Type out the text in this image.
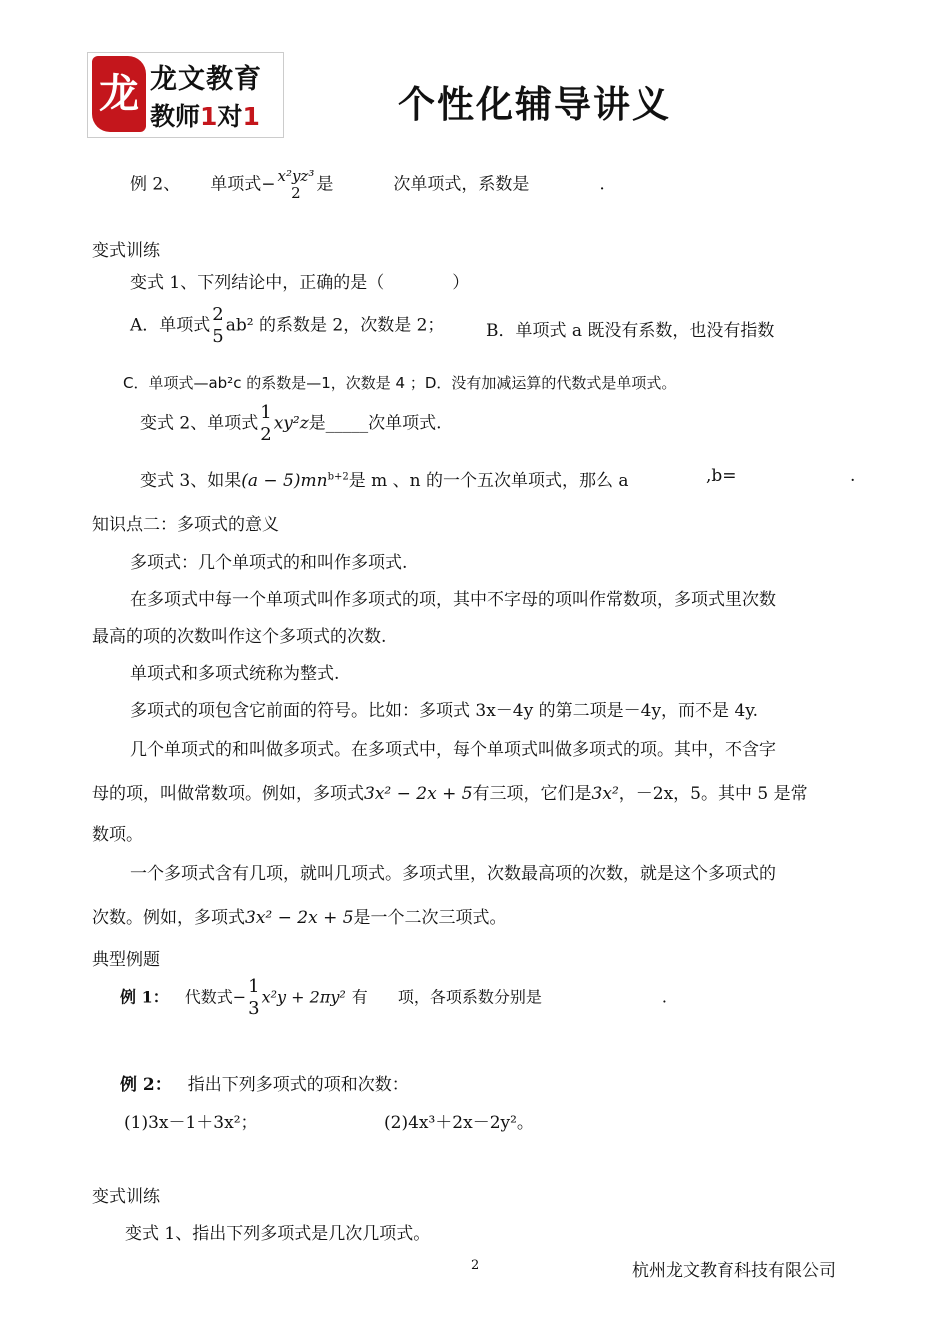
龙 龙文教育
教师1对1	个性化辅导讲义
例 2、 单项式− x²yz³
2 是	次单项式，系数是	.
变式训练
变式 1、下列结论中，正确的是（　　　　）
A．单项式
2
5
ab² 的系数是 2，次数是 2； B．单项式 a 既没有系数，也没有指数
C．单项式—ab²c 的系数是—1，次数是 4 ；D．没有加减运算的代数式是单项式。
变式 2、单项式
1
2
xy²z是_____次单项式.
变式 3、如果$(a - 5)mn^{b+2}$是 m 、n 的一个五次单项式，那么 a	,b=	.
知识点二：多项式的意义
多项式：几个单项式的和叫作多项式.
在多项式中每一个单项式叫作多项式的项，其中不字母的项叫作常数项，多项式里次数
最高的项的次数叫作这个多项式的次数.
单项式和多项式统称为整式.
多项式的项包含它前面的符号。比如：多项式 3x－4y 的第二项是－4y，而不是 4y.
几个单项式的和叫做多项式。在多项式中，每个单项式叫做多项式的项。其中，不含字
母的项，叫做常数项。例如，多项式3x² − 2x + 5有三项，它们是3x²，－2x，5。其中 5 是常
数项。
一个多项式含有几项，就叫几项式。多项式里，次数最高项的次数，就是这个多项式的
次数。例如，多项式3x² − 2x + 5是一个二次三项式。
典型例题
例 1： 代数式− 1
3
x²y + 2πy² 有 项，各项系数分别是	.
例 2： 指出下列多项式的项和次数：
(1)3x－1＋3x²；	(2)4x³＋2x－2y²。
变式训练
变式 1、指出下列多项式是几次几项式。
2	杭州龙文教育科技有限公司
